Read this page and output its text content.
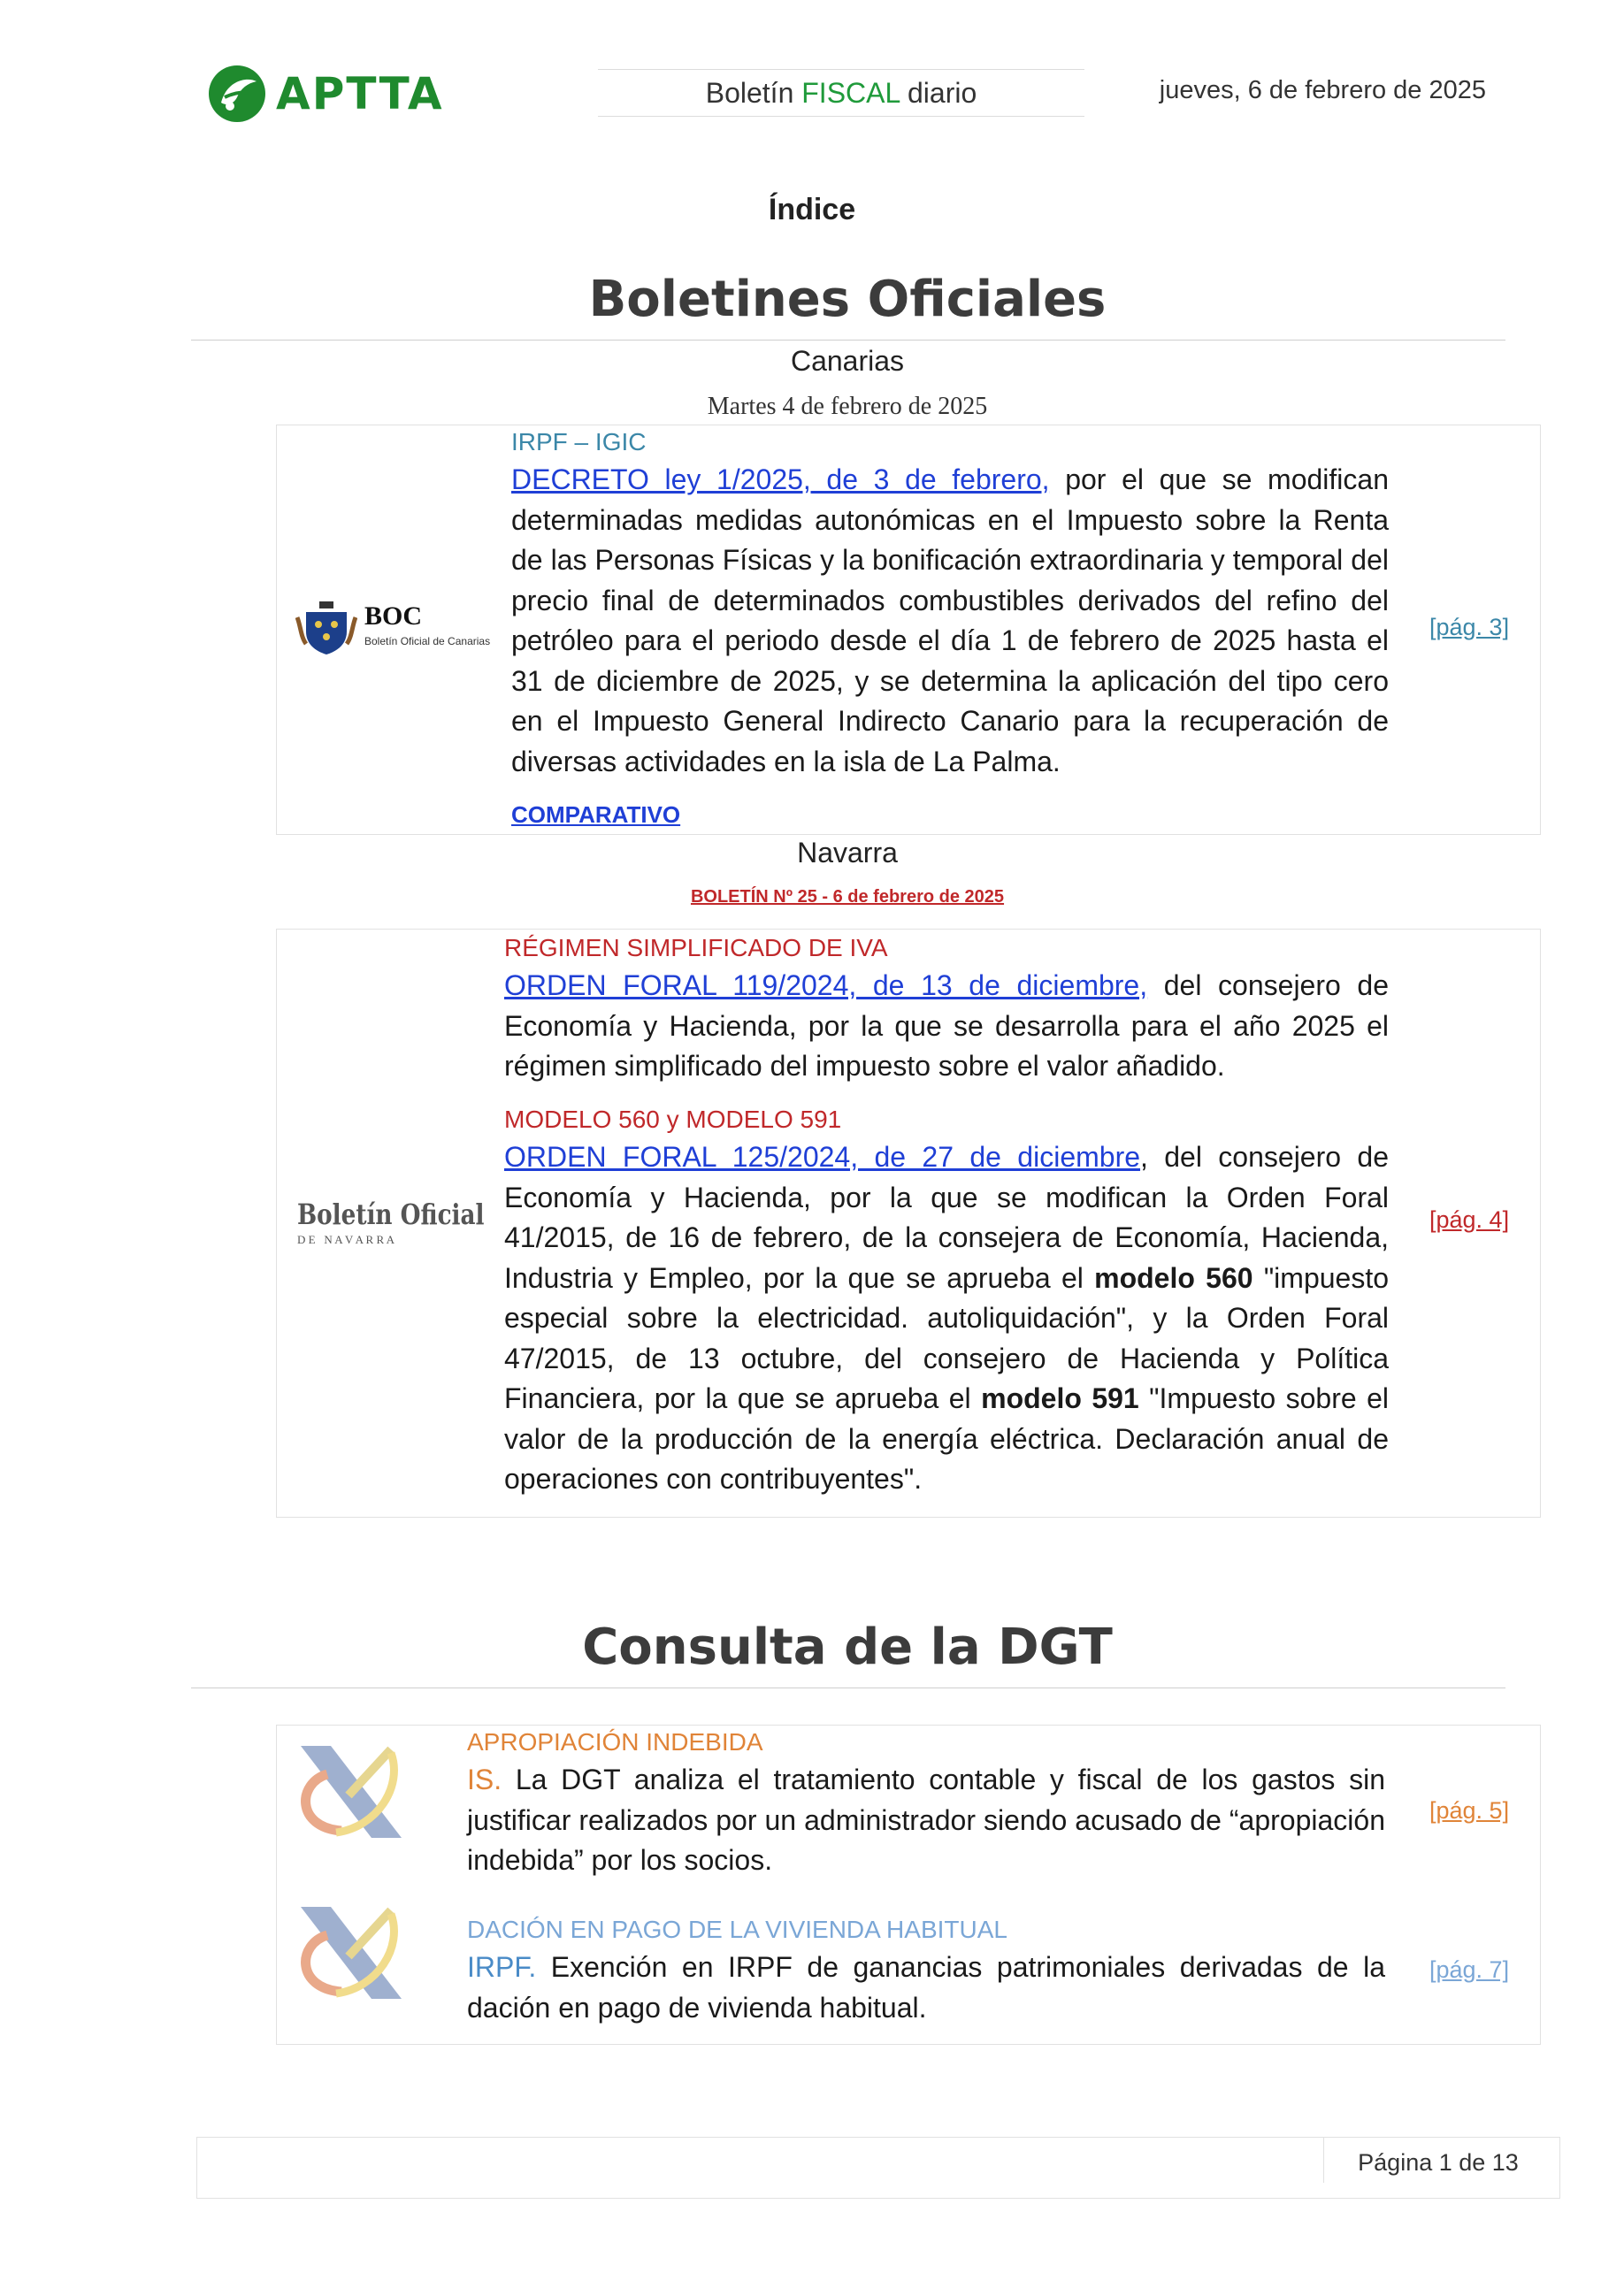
APTTA	Boletín FISCAL diario	jueves, 6 de febrero de 2025
Índice
Boletines Oficiales
Canarias
Martes 4 de febrero de 2025
BOC
Boletín Oficial de Canarias
IRPF – IGIC
DECRETO ley 1/2025, de 3 de febrero, por el que se modifican determinadas medidas autonómicas en el Impuesto sobre la Renta de las Personas Físicas y la bonificación extraordinaria y temporal del precio final de determinados combustibles derivados del refino del petróleo para el periodo desde el día 1 de febrero de 2025 hasta el 31 de diciembre de 2025, y se determina la aplicación del tipo cero en el Impuesto General Indirecto Canario para la recuperación de diversas actividades en la isla de La Palma.
COMPARATIVO
[pág. 3]
Navarra
BOLETÍN Nº 25 - 6 de febrero de 2025
Boletín Oficial
D E   N A V A R R A
RÉGIMEN SIMPLIFICADO DE IVA
ORDEN FORAL 119/2024, de 13 de diciembre, del consejero de Economía y Hacienda, por la que se desarrolla para el año 2025 el régimen simplificado del impuesto sobre el valor añadido.
MODELO 560 y MODELO 591
ORDEN FORAL 125/2024, de 27 de diciembre, del consejero de Economía y Hacienda, por la que se modifican la Orden Foral 41/2015, de 16 de febrero, de la consejera de Economía, Hacienda, Industria y Empleo, por la que se aprueba el modelo 560 "impuesto especial sobre la electricidad. autoliquidación", y la Orden Foral 47/2015, de 13 octubre, del consejero de Hacienda y Política Financiera, por la que se aprueba el modelo 591 "Impuesto sobre el valor de la producción de la energía eléctrica. Declaración anual de operaciones con contribuyentes".
[pág. 4]
Consulta de la DGT
APROPIACIÓN INDEBIDA
IS. La DGT analiza el tratamiento contable y fiscal de los gastos sin justificar realizados por un administrador siendo acusado de “apropiación indebida” por los socios.
[pág. 5]
DACIÓN EN PAGO DE LA VIVIENDA HABITUAL
IRPF. Exención en IRPF de ganancias patrimoniales derivadas de la dación en pago de vivienda habitual.
[pág. 7]
Página 1 de 13
